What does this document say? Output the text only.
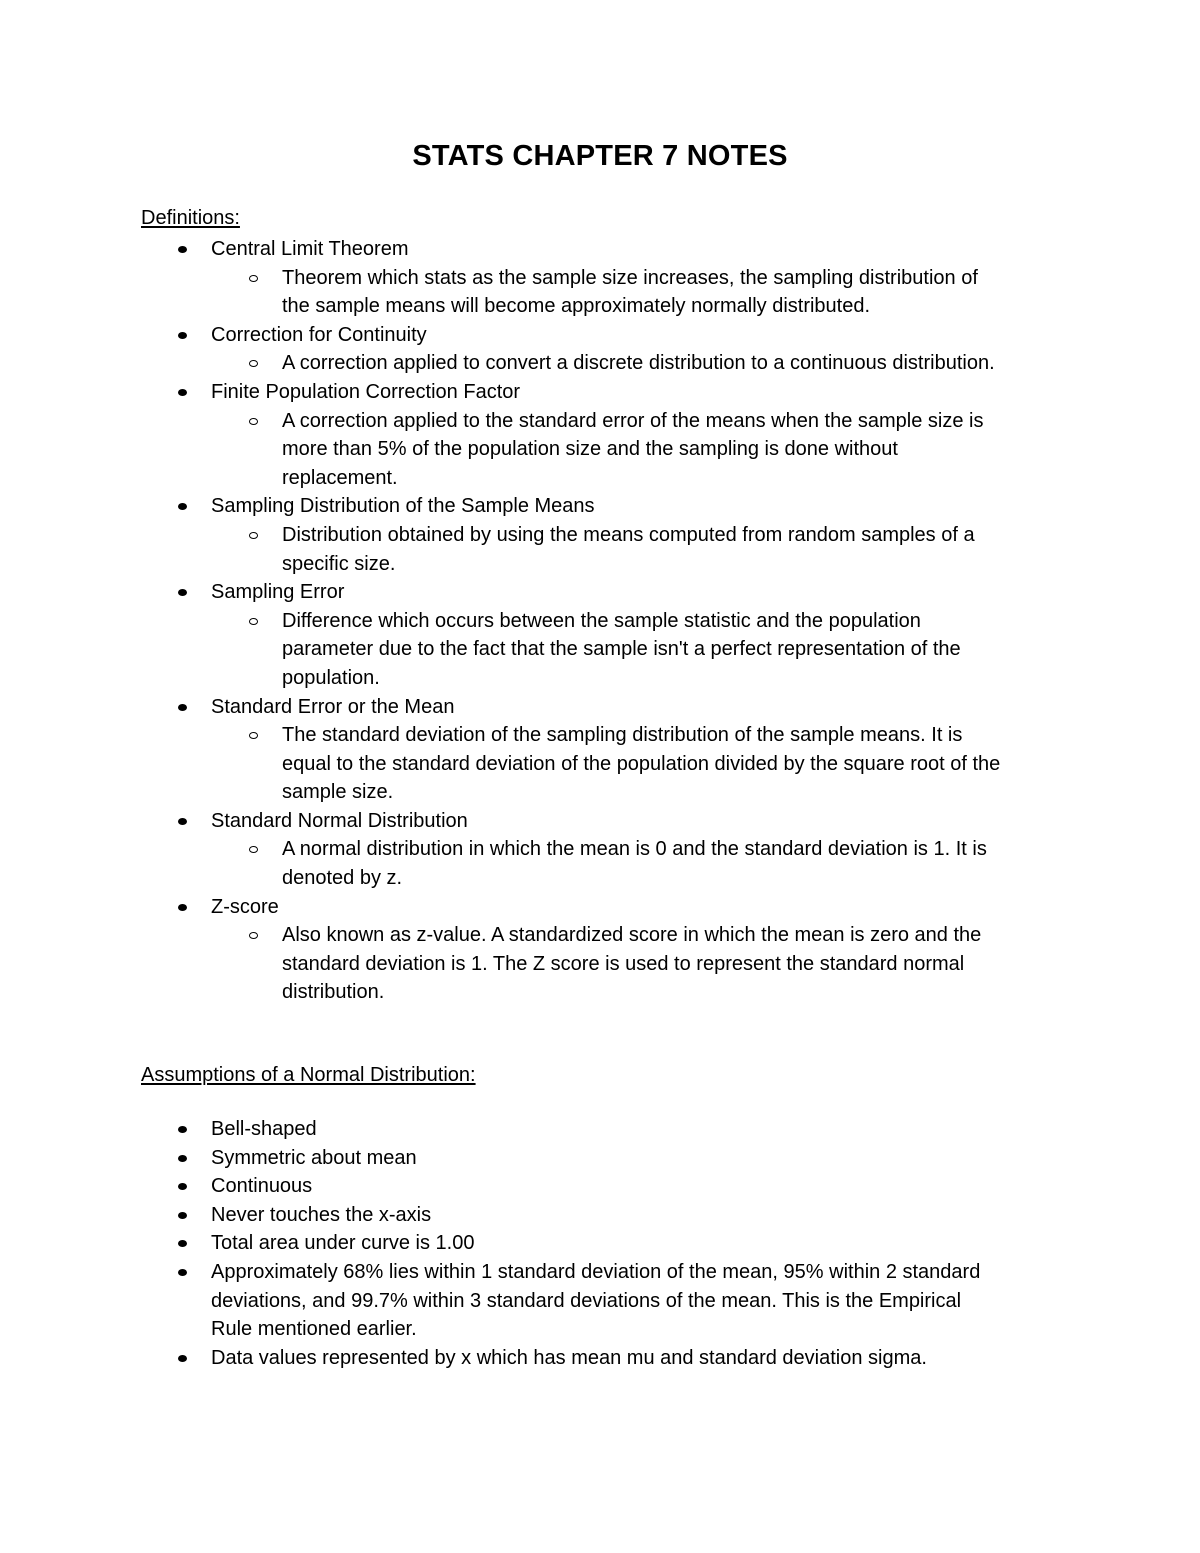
STATS CHAPTER 7 NOTES
Definitions:
Central Limit Theorem
Theorem which stats as the sample size increases, the sampling distribution of
the sample means will become approximately normally distributed.
Correction for Continuity
A correction applied to convert a discrete distribution to a continuous distribution.
Finite Population Correction Factor
A correction applied to the standard error of the means when the sample size is
more than 5% of the population size and the sampling is done without
replacement.
Sampling Distribution of the Sample Means
Distribution obtained by using the means computed from random samples of a
specific size.
Sampling Error
Difference which occurs between the sample statistic and the population
parameter due to the fact that the sample isn't a perfect representation of the
population.
Standard Error or the Mean
The standard deviation of the sampling distribution of the sample means. It is
equal to the standard deviation of the population divided by the square root of the
sample size.
Standard Normal Distribution
A normal distribution in which the mean is 0 and the standard deviation is 1. It is
denoted by z.
Z-score
Also known as z-value. A standardized score in which the mean is zero and the
standard deviation is 1. The Z score is used to represent the standard normal
distribution.
Assumptions of a Normal Distribution:
Bell-shaped
Symmetric about mean
Continuous
Never touches the x-axis
Total area under curve is 1.00
Approximately 68% lies within 1 standard deviation of the mean, 95% within 2 standard
deviations, and 99.7% within 3 standard deviations of the mean. This is the Empirical
Rule mentioned earlier.
Data values represented by x which has mean mu and standard deviation sigma.
